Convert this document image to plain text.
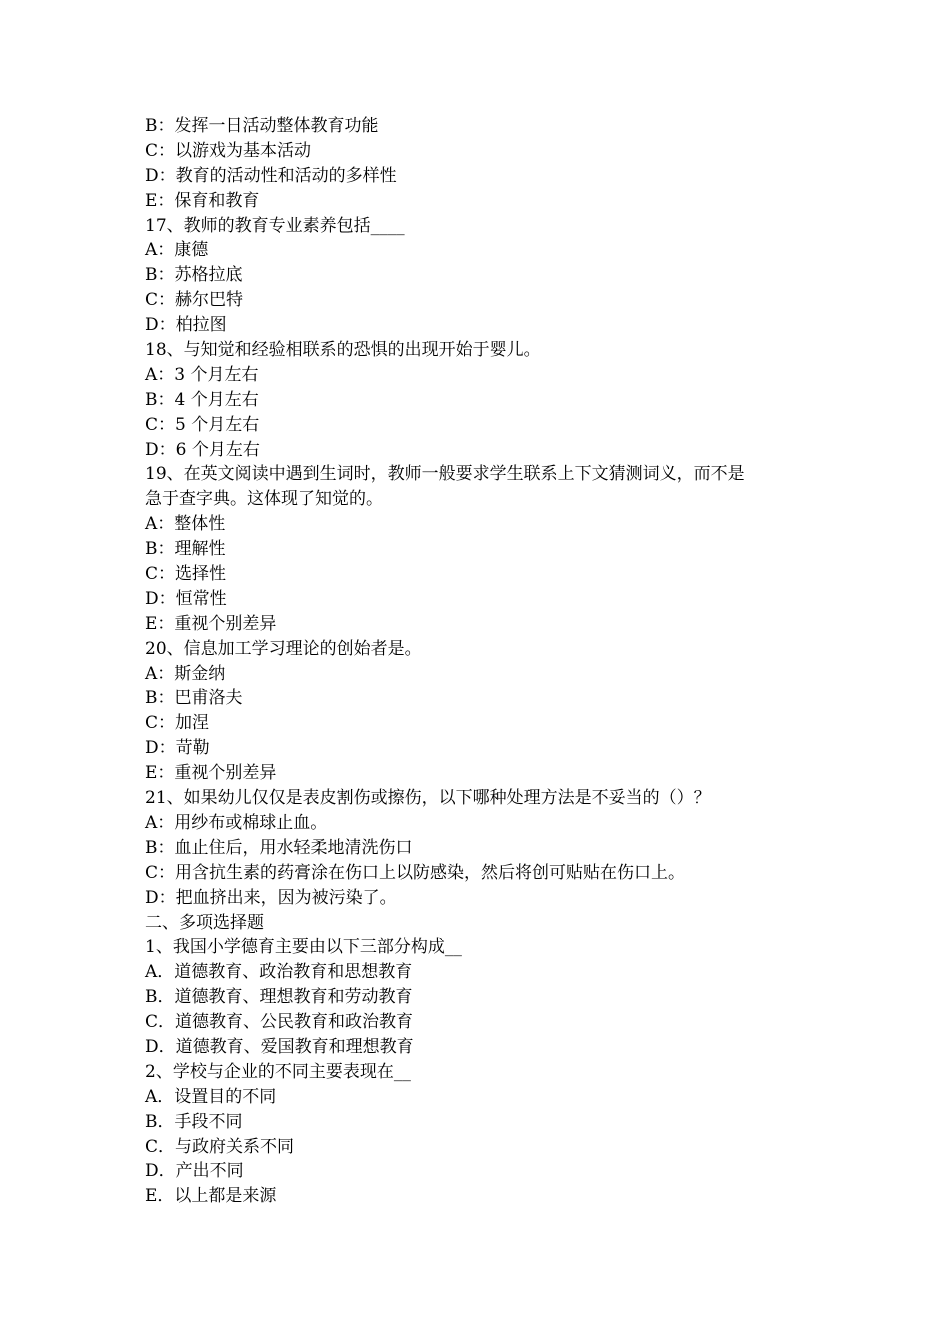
B：发挥一日活动整体教育功能
C：以游戏为基本活动
D：教育的活动性和活动的多样性
E：保育和教育
17、教师的教育专业素养包括____
A：康德
B：苏格拉底
C：赫尔巴特
D：柏拉图
18、与知觉和经验相联系的恐惧的出现开始于婴儿。
A：3 个月左右
B：4 个月左右
C：5 个月左右
D：6 个月左右
19、在英文阅读中遇到生词时，教师一般要求学生联系上下文猜测词义，而不是
急于查字典。这体现了知觉的。
A：整体性
B：理解性
C：选择性
D：恒常性
E：重视个别差异
20、信息加工学习理论的创始者是。
A：斯金纳
B：巴甫洛夫
C：加涅
D：苛勒
E：重视个别差异
21、如果幼儿仅仅是表皮割伤或擦伤，以下哪种处理方法是不妥当的（）？
A：用纱布或棉球止血。
B：血止住后，用水轻柔地清洗伤口
C：用含抗生素的药膏涂在伤口上以防感染，然后将创可贴贴在伤口上。
D：把血挤出来，因为被污染了。
二、多项选择题
1、我国小学德育主要由以下三部分构成__
A．道德教育、政治教育和思想教育
B．道德教育、理想教育和劳动教育
C．道德教育、公民教育和政治教育
D．道德教育、爱国教育和理想教育
2、学校与企业的不同主要表现在__
A．设置目的不同
B．手段不同
C．与政府关系不同
D．产出不同
E．以上都是来源
